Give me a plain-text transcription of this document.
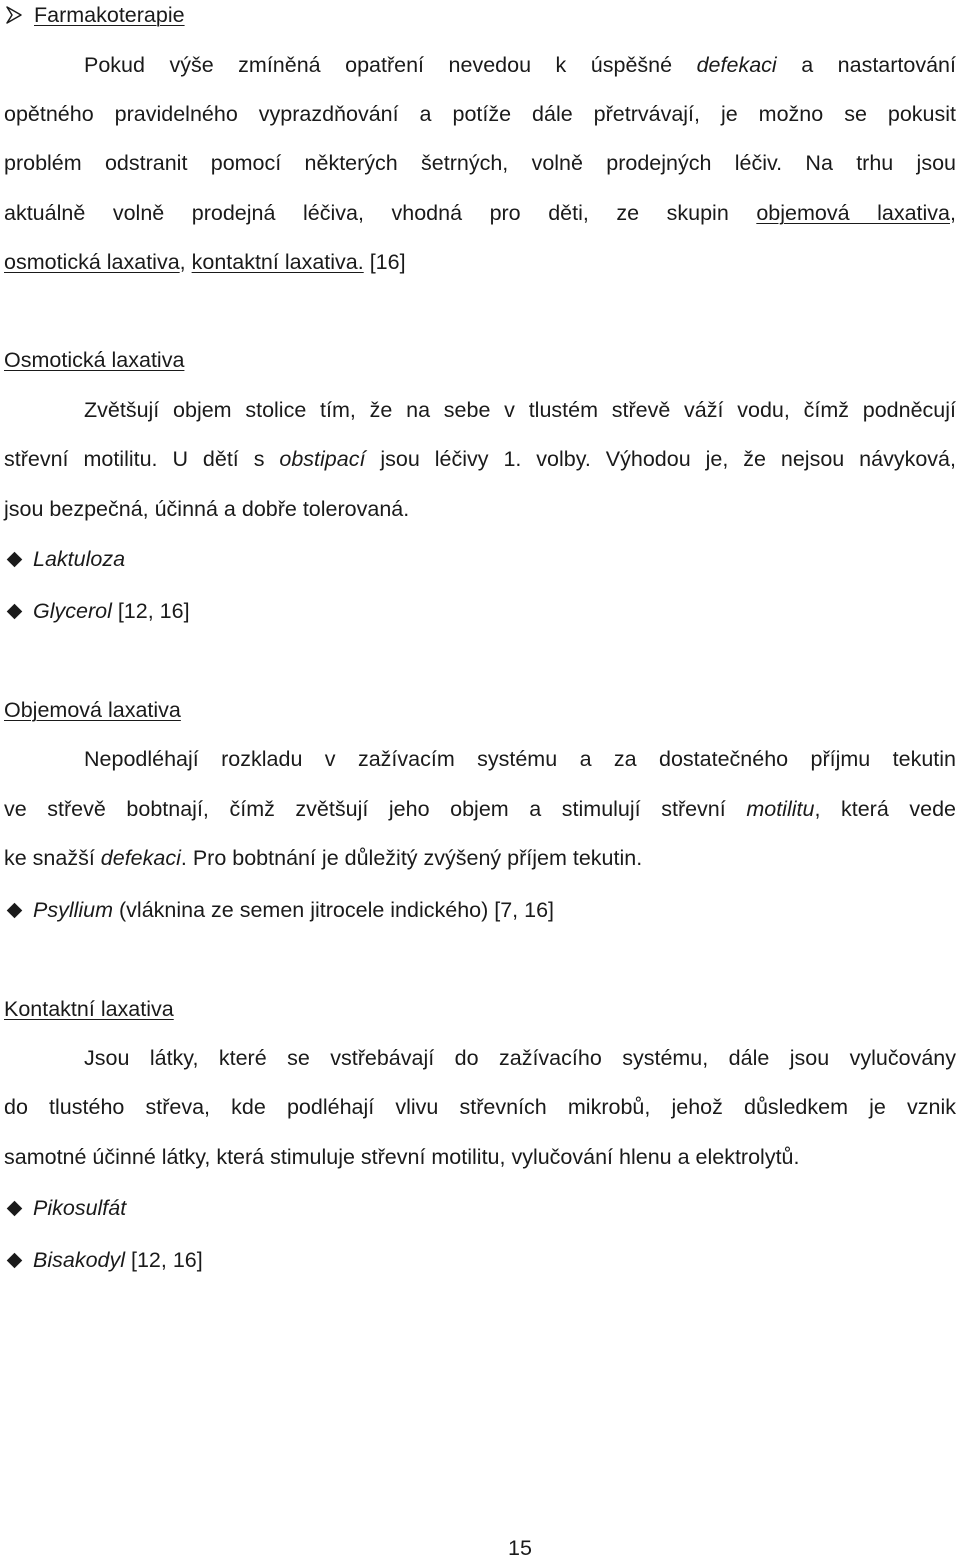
Farmakoterapie
Pokud výše zmíněná opatření nevedou k úspěšné defekaci a nastartování
opětného pravidelného vyprazdňování a potíže dále přetrvávají, je možno se pokusit
problém odstranit pomocí některých šetrných, volně prodejných léčiv. Na trhu jsou
aktuálně volně prodejná léčiva, vhodná pro děti, ze skupin objemová laxativa,
osmotická laxativa, kontaktní laxativa. [16]
Osmotická laxativa
Zvětšují objem stolice tím, že na sebe v tlustém střevě váží vodu, čímž podněcují
střevní motilitu. U dětí s obstipací jsou léčivy 1. volby. Výhodou je, že nejsou návyková,
jsou bezpečná, účinná a dobře tolerovaná.
Laktuloza
Glycerol [12, 16]
Objemová laxativa
Nepodléhají rozkladu v zažívacím systému a za dostatečného příjmu tekutin
ve střevě bobtnají, čímž zvětšují jeho objem a stimulují střevní motilitu, která vede
ke snažší defekaci. Pro bobtnání je důležitý zvýšený příjem tekutin.
Psyllium (vláknina ze semen jitrocele indického) [7, 16]
Kontaktní laxativa
Jsou látky, které se vstřebávají do zažívacího systému, dále jsou vylučovány
do tlustého střeva, kde podléhají vlivu střevních mikrobů, jehož důsledkem je vznik
samotné účinné látky, která stimuluje střevní motilitu, vylučování hlenu a elektrolytů.
Pikosulfát
Bisakodyl [12, 16]
15
